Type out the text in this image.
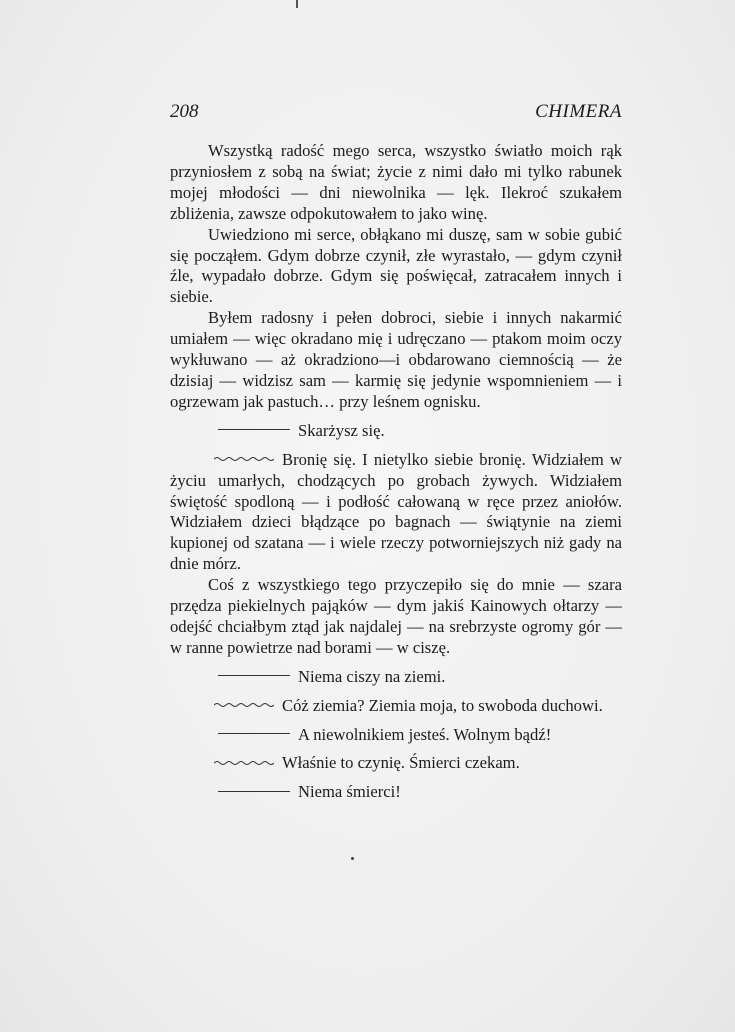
208	CHIMERA

Wszystką radość mego serca, wszystko światło moich rąk przyniosłem z sobą na świat; życie z nimi dało mi tylko rabunek mojej młodości — dni niewolnika — lęk. Ilekroć szukałem zbliżenia, zawsze odpokutowałem to jako winę.

Uwiedziono mi serce, obłąkano mi duszę, sam w sobie gubić się począłem. Gdym dobrze czynił, złe wyrastało, — gdym czynił źle, wypadało dobrze. Gdym się poświęcał, zatracałem innych i siebie.

Byłem radosny i pełen dobroci, siebie i innych nakarmić umiałem — więc okradano mię i udręczano — ptakom moim oczy wykłuwano — aż okradziono—i obdarowano ciemnością — że dzisiaj — widzisz sam — karmię się jedynie wspomnieniem — i ogrzewam jak pastuch… przy leśnem ognisku.

Skarżysz się.

Bronię się. I nietylko siebie bronię. Widziałem w życiu umarłych, chodzących po grobach żywych. Widziałem świętość spodloną — i podłość całowaną w ręce przez aniołów. Widziałem dzieci błądzące po bagnach — świątynie na ziemi kupionej od szatana — i wiele rzeczy potworniejszych niż gady na dnie mórz.

Coś z wszystkiego tego przyczepiło się do mnie — szara przędza piekielnych pająków — dym jakiś Kainowych ołtarzy — odejść chciałbym ztąd jak najdalej — na srebrzyste ogromy gór — w ranne powietrze nad borami — w ciszę.

Niema ciszy na ziemi.

Cóż ziemia? Ziemia moja, to swoboda duchowi.

A niewolnikiem jesteś. Wolnym bądź!

Właśnie to czynię. Śmierci czekam.

Niema śmierci!
